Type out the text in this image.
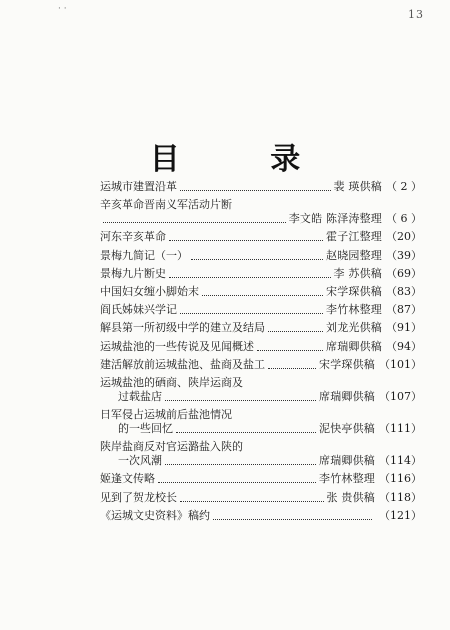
· ·	13
目 录
运城市建置沿革	裴 瑛供稿 （ 2 ）
辛亥革命晋南义军活动片断
李文皓 陈泽涛整理 （ 6 ）
河东辛亥革命	霍子江整理 （20）
景梅九简记（一）	赵晓园整理 （39）
景梅九片断史	李 苏供稿 （69）
中国妇女缠小脚始末	宋学琛供稿 （83）
阎氏姊妹兴学记	李竹林整理 （87）
解县第一所初级中学的建立及结局	刘龙光供稿 （91）
运城盐池的一些传说及见闻概述	席瑞卿供稿 （94）
建活解放前运城盐池、盐商及盐工	宋学琛供稿 （101）
运城盐池的硒商、陕岸运商及
过载盐店	席瑞卿供稿 （107）
日军侵占运城前后盐池情况
的一些回忆	泥快亭供稿 （111）
陕岸盐商反对官运潞盐入陕的
一次风潮	席瑞卿供稿 （114）
姬逢文传略	李竹林整理 （116）
见到了贺龙校长	张 贵供稿 （118）
《运城文史资料》稿约	（121）
